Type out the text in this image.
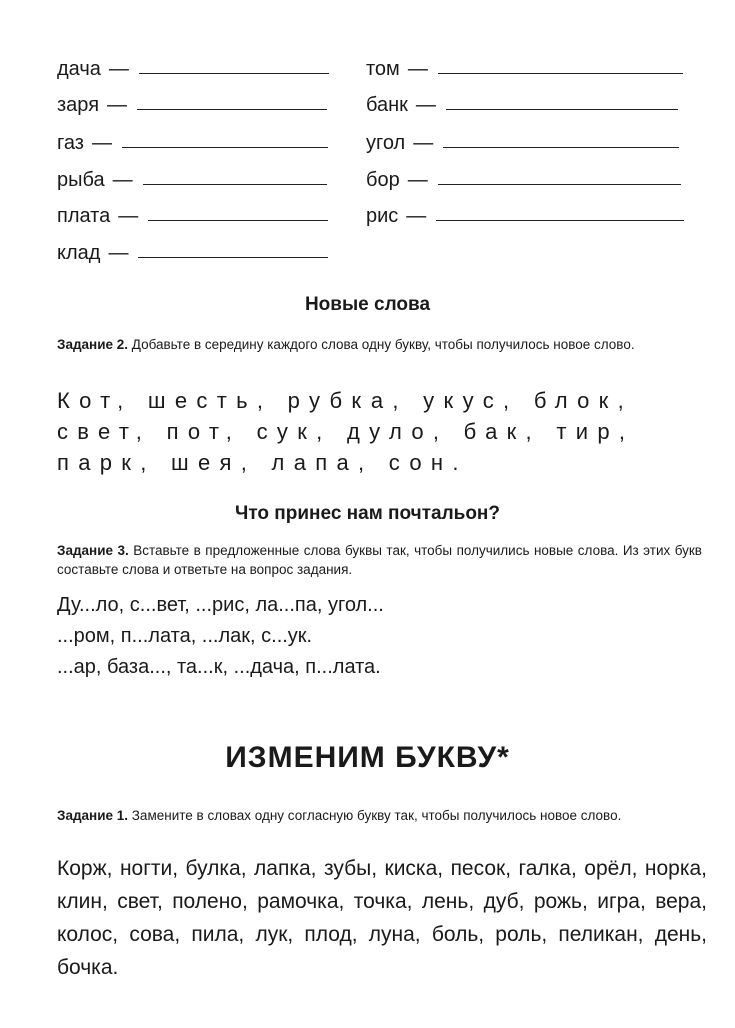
дача —
заря —
газ —
рыба —
плата —
клад —
том —
банк —
угол —
бор —
рис —
Новые слова
Задание 2. Добавьте в середину каждого слова одну букву, чтобы получилось новое слово.
Кот, шесть, рубка, укус, блок,
свет, пот, сук, дуло, бак, тир,
парк, шея, лапа, сон.
Что принес нам почтальон?
Задание 3. Вставьте в предложенные слова буквы так, чтобы получились новые слова. Из этих букв составьте слова и ответьте на вопрос задания.
Ду...ло, с...вет, ...рис, ла...па, угол...
...ром, п...лата, ...лак, с...ук.
...ар, база..., та...к, ...дача, п...лата.
ИЗМЕНИМ БУКВУ*
Задание 1. Замените в словах одну согласную букву так, чтобы получилось новое слово.
Корж, ногти, булка, лапка, зубы, киска, песок, галка, орёл, норка, клин, свет, полено, рамочка, точка, лень, дуб, рожь, игра, вера, колос, сова, пила, лук, плод, луна, боль, роль, пеликан, день, бочка.
